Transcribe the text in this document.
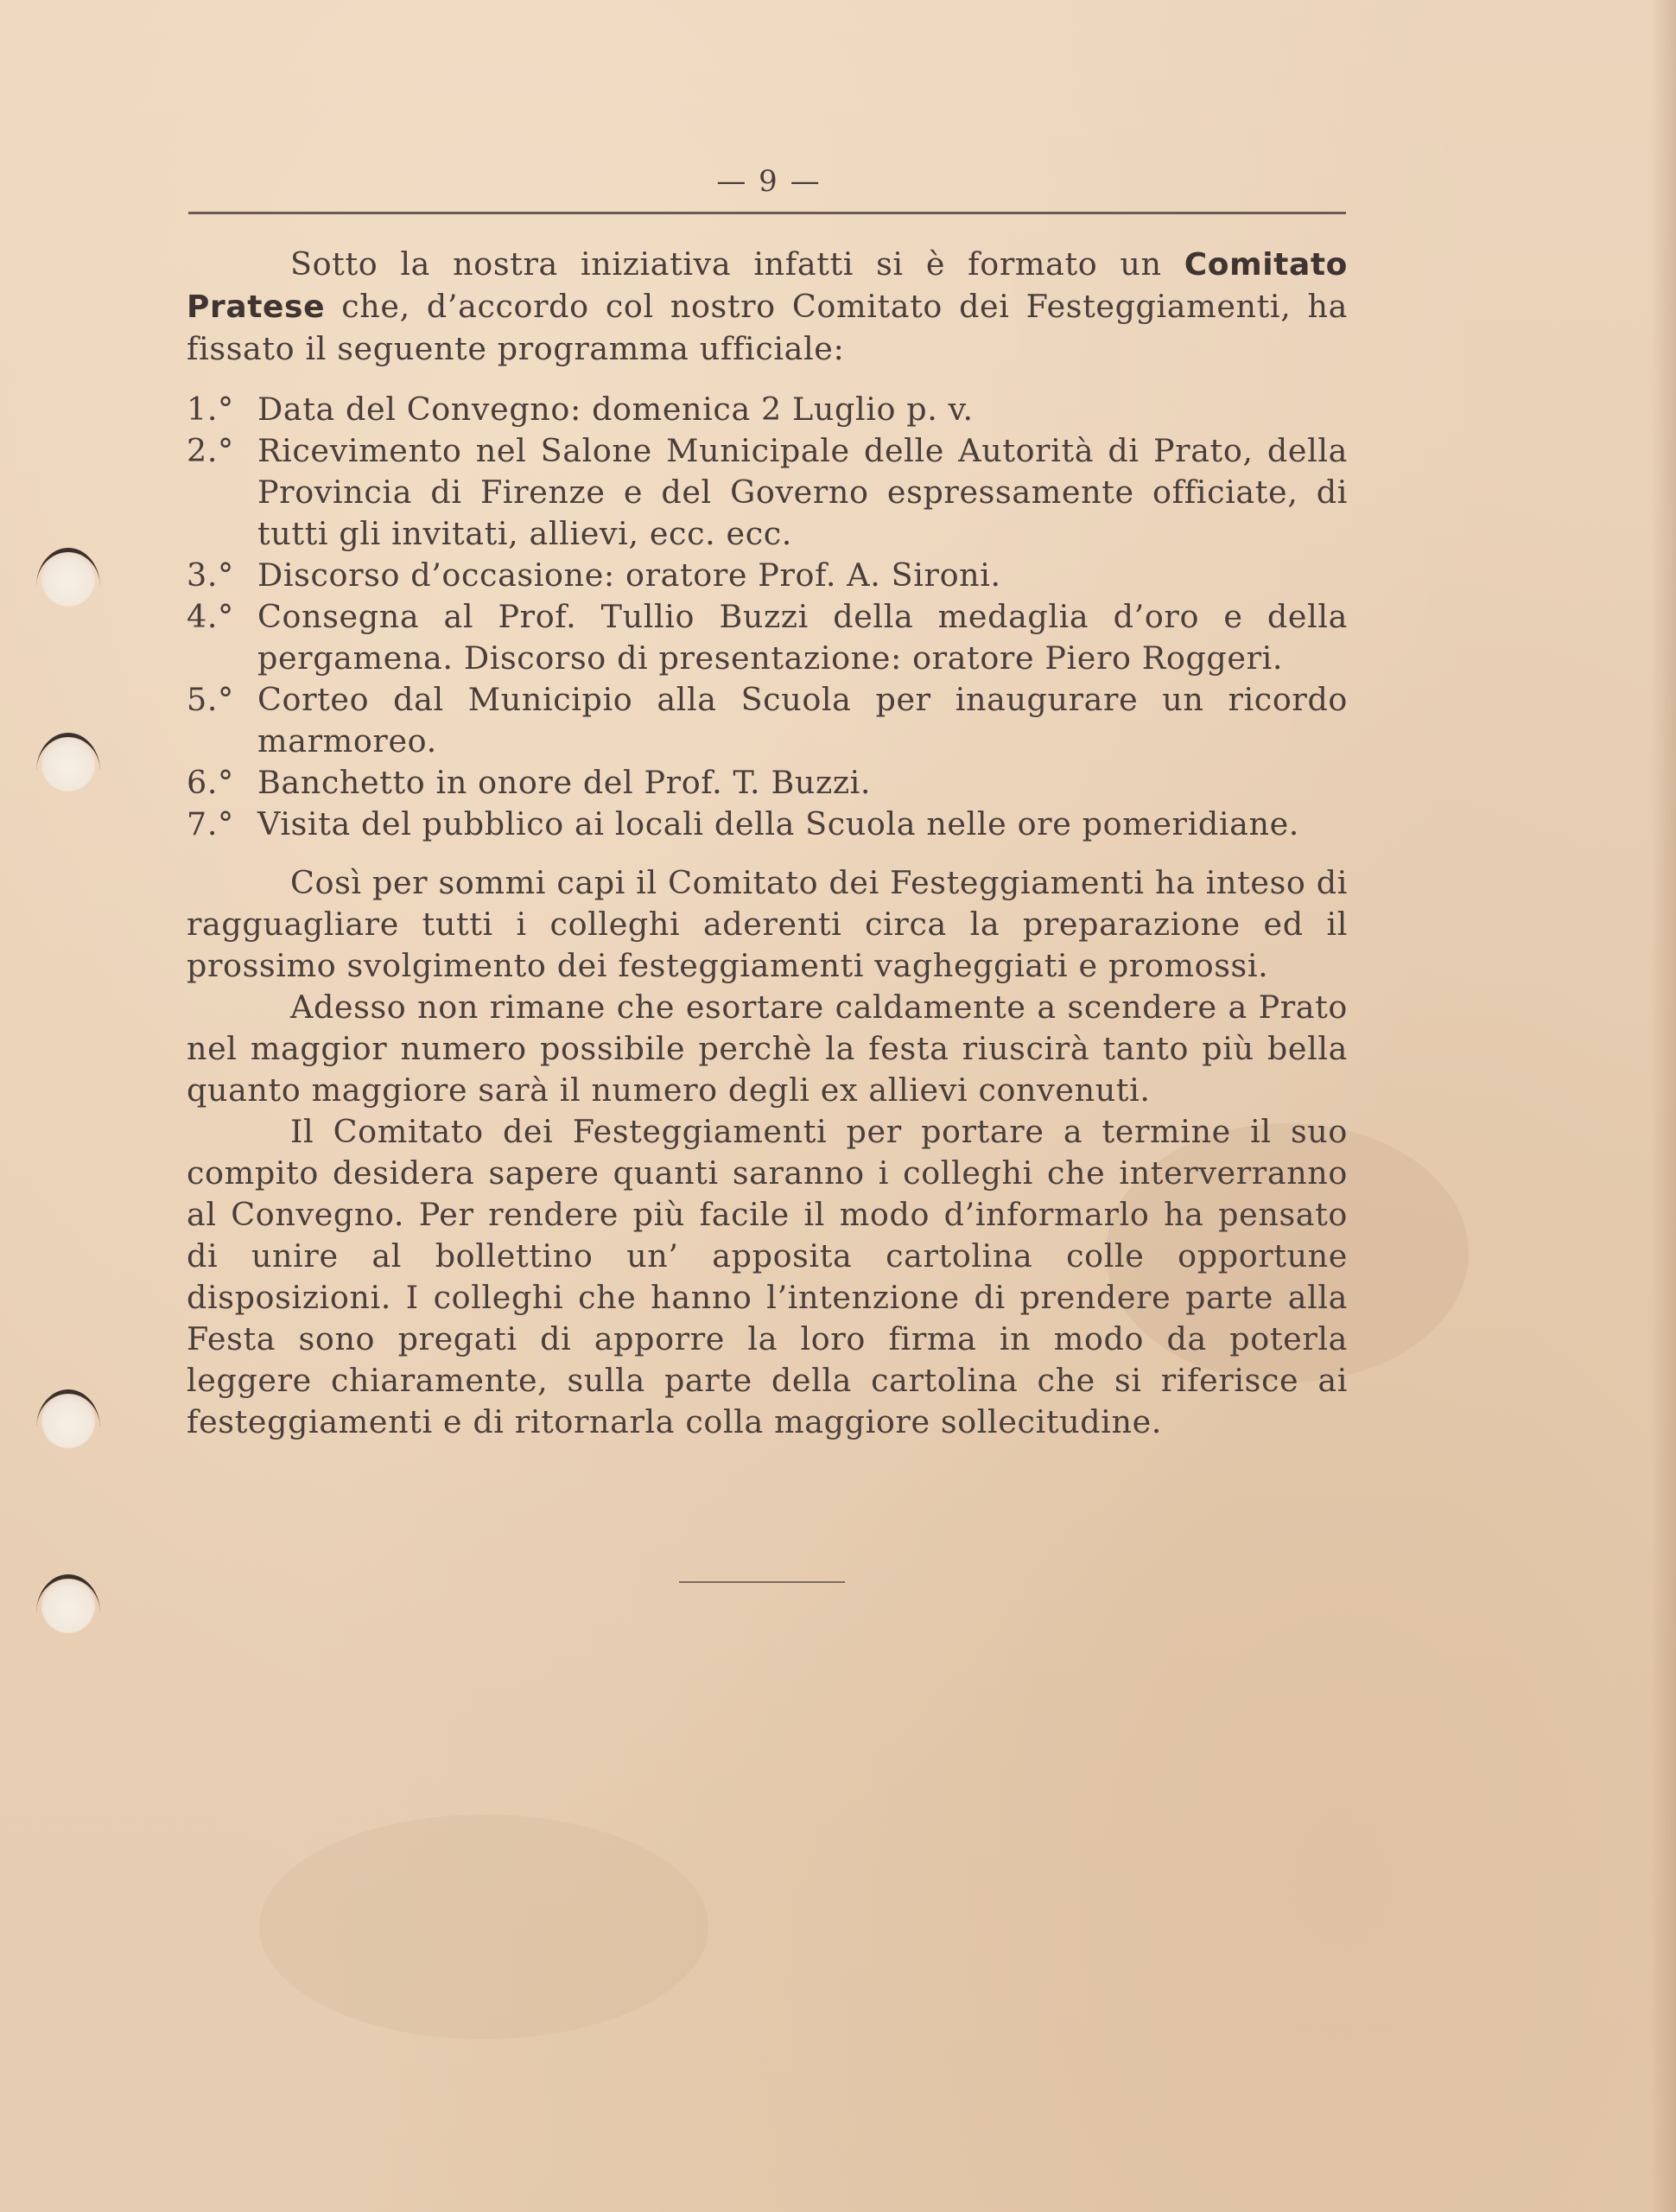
— 9 —

Sotto la nostra iniziativa infatti si è formato un Comitato Pratese che, d’accordo col nostro Comitato dei Festeggiamenti, ha fissato il seguente programma ufficiale:

1.° Data del Convegno: domenica 2 Luglio p. v.
2.° Ricevimento nel Salone Municipale delle Autorità di Prato, della Provincia di Firenze e del Governo espressamente officiate, di tutti gli invitati, allievi, ecc. ecc.
3.° Discorso d’occasione: oratore Prof. A. Sironi.
4.° Consegna al Prof. Tullio Buzzi della medaglia d’oro e della pergamena. Discorso di presentazione: oratore Piero Roggeri.
5.° Corteo dal Municipio alla Scuola per inaugurare un ricordo marmoreo.
6.° Banchetto in onore del Prof. T. Buzzi.
7.° Visita del pubblico ai locali della Scuola nelle ore pomeridiane.

Così per sommi capi il Comitato dei Festeggiamenti ha inteso di ragguagliare tutti i colleghi aderenti circa la preparazione ed il prossimo svolgimento dei festeggiamenti vagheggiati e promossi.

Adesso non rimane che esortare caldamente a scendere a Prato nel maggior numero possibile perchè la festa riuscirà tanto più bella quanto maggiore sarà il numero degli ex allievi convenuti.

Il Comitato dei Festeggiamenti per portare a termine il suo compito desidera sapere quanti saranno i colleghi che interverranno al Convegno. Per rendere più facile il modo d’informarlo ha pensato di unire al bollettino un’ apposita cartolina colle opportune disposizioni. I colleghi che hanno l’intenzione di prendere parte alla Festa sono pregati di apporre la loro firma in modo da poterla leggere chiaramente, sulla parte della cartolina che si riferisce ai festeggiamenti e di ritornarla colla maggiore sollecitudine.
